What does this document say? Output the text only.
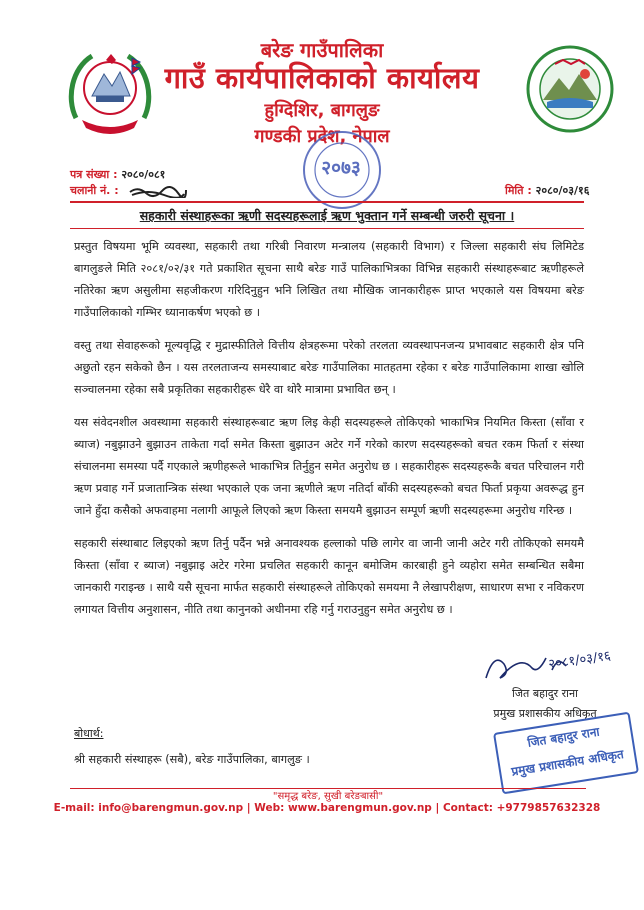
बरेङ गाउँपालिका
गाउँ कार्यपालिकाको कार्यालय
हुग्दिशिर, बागलुङ
गण्डकी प्रदेश, नेपाल
२०७३
पत्र संख्या : २०८०/०८१
चलानी नं. :	मिति : २०८०/०३/१६
सहकारी संस्थाहरूका ऋणी सदस्यहरूलाई ऋण भुक्तान गर्ने सम्बन्धी जरुरी सूचना ।

प्रस्तुत विषयमा भूमि व्यवस्था, सहकारी तथा गरिबी निवारण मन्त्रालय (सहकारी विभाग) र जिल्ला सहकारी संघ लिमिटेड बागलुङले मिति २०८१/०२/३१ गते प्रकाशित सूचना साथै बरेङ गाउँ पालिकाभित्रका विभिन्न सहकारी संस्थाहरूबाट ऋणीहरूले नतिरेका ऋण असुलीमा सहजीकरण गरिदिनुहुन भनि लिखित तथा मौखिक जानकारीहरू प्राप्त भएकाले यस विषयमा बरेङ गाउँपालिकाको गम्भिर ध्यानाकर्षण भएको छ ।

वस्तु तथा सेवाहरूको मूल्यवृद्धि र मुद्रास्फीतिले वित्तीय क्षेत्रहरूमा परेको तरलता व्यवस्थापनजन्य प्रभावबाट सहकारी क्षेत्र पनि अछुतो रहन सकेको छैन । यस तरलताजन्य समस्याबाट बरेङ गाउँपालिका मातहतमा रहेका र बरेङ गाउँपालिकामा शाखा खोलि सञ्चालनमा रहेका सबै प्रकृतिका सहकारीहरू धेरै वा थोरै मात्रामा प्रभावित छन् ।

यस संवेदनशील अवस्थामा सहकारी संस्थाहरूबाट ऋण लिइ केही सदस्यहरूले तोकिएको भाकाभित्र नियमित किस्ता (साँवा र ब्याज) नबुझाउने बुझाउन ताकेता गर्दा समेत किस्ता बुझाउन अटेर गर्ने गरेको कारण सदस्यहरूको बचत रकम फिर्ता र संस्था संचालनमा समस्या पर्दै गएकाले ऋणीहरूले भाकाभित्र तिर्नुहुन समेत अनुरोध छ । सहकारीहरू सदस्यहरूकै बचत परिचालन गरी ऋण प्रवाह गर्ने प्रजातान्त्रिक संस्था भएकाले एक जना ऋणीले ऋण नतिर्दा बाँकी सदस्यहरूको बचत फिर्ता प्रकृया अवरूद्ध हुन जाने हुँदा कसैको अफवाहमा नलागी आफूले लिएको ऋण किस्ता समयमै बुझाउन सम्पूर्ण ऋणी सदस्यहरूमा अनुरोध गरिन्छ ।

सहकारी संस्थाबाट लिइएको ऋण तिर्नु पर्दैन भन्ने अनावश्यक हल्लाको पछि लागेर वा जानी जानी अटेर गरी तोकिएको समयमै किस्ता (साँवा र ब्याज) नबुझाइ अटेर गरेमा प्रचलित सहकारी कानून बमोजिम कारबाही हुने व्यहोरा समेत सम्बन्धित सबैमा जानकारी गराइन्छ । साथै यसै सूचना मार्फत सहकारी संस्थाहरूले तोकिएको समयमा नै लेखापरीक्षण, साधारण सभा र नविकरण लगायत वित्तीय अनुशासन, नीति तथा कानुनको अधीनमा रहि गर्नु गराउनुहुन समेत अनुरोध छ ।

२०८१/०३/१६
जित बहादुर राना
प्रमुख प्रशासकीय अधिकृत
जित बहादुर राना
प्रमुख प्रशासकीय अधिकृत
बोधार्थ:
श्री सहकारी संस्थाहरू (सबै), बरेङ गाउँपालिका, बागलुङ ।
"समृद्ध बरेङ, सुखी बरेङबासी"
E-mail: info@barengmun.gov.np | Web: www.barengmun.gov.np | Contact: +9779857632328
